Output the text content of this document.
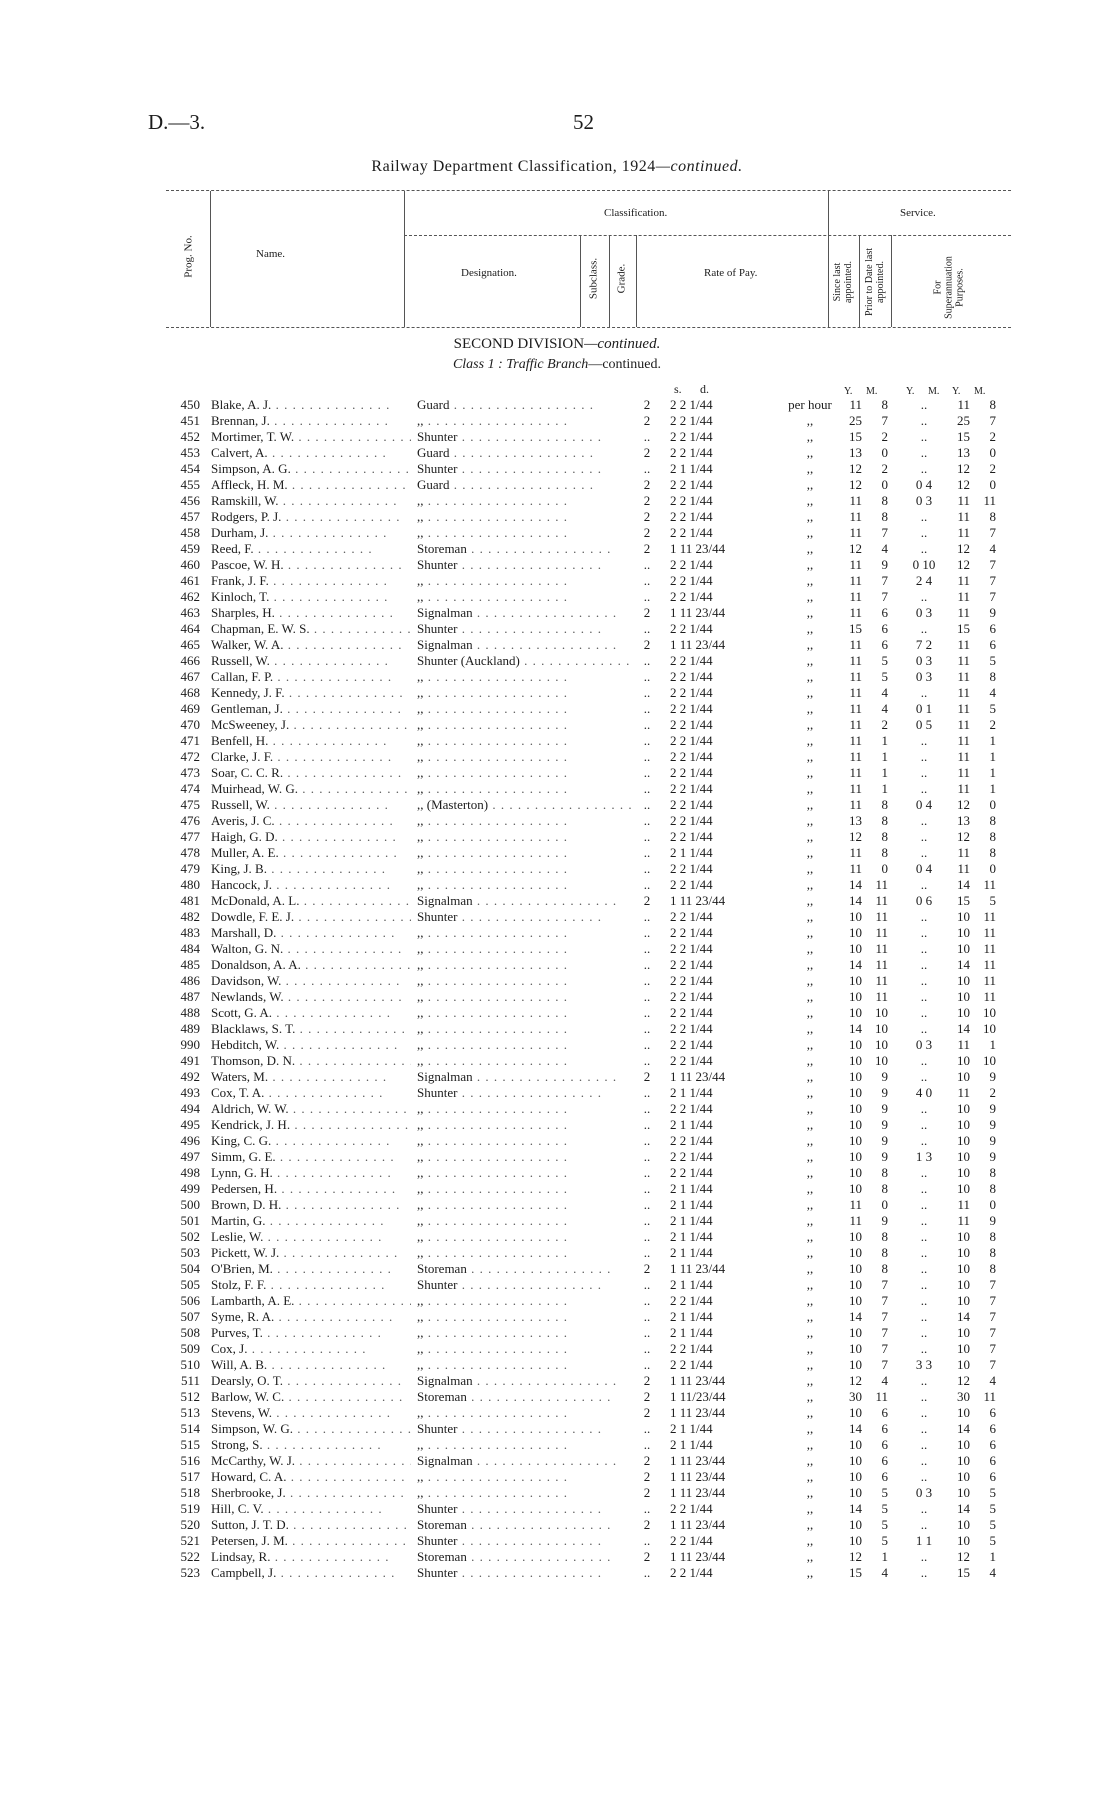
D.—3.	52
Railway Department Classification, 1924—continued.
Prog. No.	Name.
Classification.
Designation.	Subclass. Grade.	Rate of Pay.
Service.
Since last appointed. Prior to Date last appointed.	For Superannuation Purposes.
SECOND DIVISION—continued.
Class 1 : Traffic Branch—continued.
s. d.	Y. M.	Y. M. Y. M.
450 Blake, A. J. . . .	Guard . . .	2	2 2 1/44	per hour	11	8	..	11	8
451 Brennan, J. . . .	,, . . .	2	2 2 1/44	,,	25	7	..	25	7
452 Mortimer, T. W. . . .	Shunter . . .	..	2 2 1/44	,,	15	2	..	15	2
453 Calvert, A. . . .	Guard . . .	2	2 2 1/44	,,	13	0	..	13	0
454 Simpson, A. G. . . .	Shunter . . .	..	2 1 1/44	,,	12	2	..	12	2
455 Affleck, H. M. . . .	Guard . . .	2	2 2 1/44	,,	12	0	0 4	12	0
456 Ramskill, W. . . .	,, . . .	2	2 2 1/44	,,	11	8	0 3	11	11
457 Rodgers, P. J. . . .	,, . . .	2	2 2 1/44	,,	11	8	..	11	8
458 Durham, J. . . .	,, . . .	2	2 2 1/44	,,	11	7	..	11	7
459 Reed, F. . . .	Storeman . . .	2	1 11 23/44	,,	12	4	..	12	4
460 Pascoe, W. H. . . .	Shunter . . .	..	2 2 1/44	,,	11	9	0 10	12	7
461 Frank, J. F. . . .	,, . . .	..	2 2 1/44	,,	11	7	2 4	11	7
462 Kinloch, T. . . .	,, . . .	..	2 2 1/44	,,	11	7	..	11	7
463 Sharples, H. . . .	Signalman . . .	2	1 11 23/44	,,	11	6	0 3	11	9
464 Chapman, E. W. S. . . .	Shunter . . .	..	2 2 1/44	,,	15	6	..	15	6
465 Walker, W. A. . . .	Signalman . . .	2	1 11 23/44	,,	11	6	7 2	11	6
466 Russell, W. . . .	Shunter (Auckland) . . .	..	2 2 1/44	,,	11	5	0 3	11	5
467 Callan, F. P. . . .	,, . . .	..	2 2 1/44	,,	11	5	0 3	11	8
468 Kennedy, J. F. . . .	,, . . .	..	2 2 1/44	,,	11	4	..	11	4
469 Gentleman, J. . . .	,, . . .	..	2 2 1/44	,,	11	4	0 1	11	5
470 McSweeney, J. . . .	,, . . .	..	2 2 1/44	,,	11	2	0 5	11	2
471 Benfell, H. . . .	,, . . .	..	2 2 1/44	,,	11	1	..	11	1
472 Clarke, J. F. . . .	,, . . .	..	2 2 1/44	,,	11	1	..	11	1
473 Soar, C. C. R. . . .	,, . . .	..	2 2 1/44	,,	11	1	..	11	1
474 Muirhead, W. G. . . .	,, . . .	..	2 2 1/44	,,	11	1	..	11	1
475 Russell, W. . . .	,, (Masterton) . . .	..	2 2 1/44	,,	11	8	0 4	12	0
476 Averis, J. C. . . .	,, . . .	..	2 2 1/44	,,	13	8	..	13	8
477 Haigh, G. D. . . .	,, . . .	..	2 2 1/44	,,	12	8	..	12	8
478 Muller, A. E. . . .	,, . . .	..	2 1 1/44	,,	11	8	..	11	8
479 King, J. B. . . .	,, . . .	..	2 2 1/44	,,	11	0	0 4	11	0
480 Hancock, J. . . .	,, . . .	..	2 2 1/44	,,	14	11	..	14	11
481 McDonald, A. L. . . .	Signalman . . .	2	1 11 23/44	,,	14	11	0 6	15	5
482 Dowdle, F. E. J. . . .	Shunter . . .	..	2 2 1/44	,,	10	11	..	10	11
483 Marshall, D. . . .	,, . . .	..	2 2 1/44	,,	10	11	..	10	11
484 Walton, G. N. . . .	,, . . .	..	2 2 1/44	,,	10	11	..	10	11
485 Donaldson, A. A. . . .	,, . . .	..	2 2 1/44	,,	14	11	..	14	11
486 Davidson, W. . . .	,, . . .	..	2 2 1/44	,,	10	11	..	10	11
487 Newlands, W. . . .	,, . . .	..	2 2 1/44	,,	10	11	..	10	11
488 Scott, G. A. . . .	,, . . .	..	2 2 1/44	,,	10	10	..	10	10
489 Blacklaws, S. T. . . .	,, . . .	..	2 2 1/44	,,	14	10	..	14	10
990 Hebditch, W. . . .	,, . . .	..	2 2 1/44	,,	10	10	0 3	11	1
491 Thomson, D. N. . . .	,, . . .	..	2 2 1/44	,,	10	10	..	10	10
492 Waters, M. . . .	Signalman . . .	2	1 11 23/44	,,	10	9	..	10	9
493 Cox, T. A. . . .	Shunter . . .	..	2 1 1/44	,,	10	9	4 0	11	2
494 Aldrich, W. W. . . .	,, . . .	..	2 2 1/44	,,	10	9	..	10	9
495 Kendrick, J. H. . . .	,, . . .	..	2 1 1/44	,,	10	9	..	10	9
496 King, C. G. . . .	,, . . .	..	2 2 1/44	,,	10	9	..	10	9
497 Simm, G. E. . . .	,, . . .	..	2 2 1/44	,,	10	9	1 3	10	9
498 Lynn, G. H. . . .	,, . . .	..	2 2 1/44	,,	10	8	..	10	8
499 Pedersen, H. . . .	,, . . .	..	2 1 1/44	,,	10	8	..	10	8
500 Brown, D. H. . . .	,, . . .	..	2 1 1/44	,,	11	0	..	11	0
501 Martin, G. . . .	,, . . .	..	2 1 1/44	,,	11	9	..	11	9
502 Leslie, W. . . .	,, . . .	..	2 1 1/44	,,	10	8	..	10	8
503 Pickett, W. J. . . .	,, . . .	..	2 1 1/44	,,	10	8	..	10	8
504 O'Brien, M. . . .	Storeman . . .	2	1 11 23/44	,,	10	8	..	10	8
505 Stolz, F. F. . . .	Shunter . . .	..	2 1 1/44	,,	10	7	..	10	7
506 Lambarth, A. E. . . .	,, . . .	..	2 2 1/44	,,	10	7	..	10	7
507 Syme, R. A. . . .	,, . . .	..	2 1 1/44	,,	14	7	..	14	7
508 Purves, T. . . .	,, . . .	..	2 1 1/44	,,	10	7	..	10	7
509 Cox, J. . . .	,, . . .	..	2 2 1/44	,,	10	7	..	10	7
510 Will, A. B. . . .	,, . . .	..	2 2 1/44	,,	10	7	3 3	10	7
511 Dearsly, O. T. . . .	Signalman . . .	2	1 11 23/44	,,	12	4	..	12	4
512 Barlow, W. C. . . .	Storeman . . .	2	1 11/23/44	,,	30	11	..	30	11
513 Stevens, W. . . .	,, . . .	2	1 11 23/44	,,	10	6	..	10	6
514 Simpson, W. G. . . .	Shunter . . .	..	2 1 1/44	,,	14	6	..	14	6
515 Strong, S. . . .	,, . . .	..	2 1 1/44	,,	10	6	..	10	6
516 McCarthy, W. J. . . .	Signalman . . .	2	1 11 23/44	,,	10	6	..	10	6
517 Howard, C. A. . . .	,, . . .	2	1 11 23/44	,,	10	6	..	10	6
518 Sherbrooke, J. . . .	,, . . .	2	1 11 23/44	,,	10	5	0 3	10	5
519 Hill, C. V. . . .	Shunter . . .	..	2 2 1/44	,,	14	5	..	14	5
520 Sutton, J. T. D. . . .	Storeman . . .	2	1 11 23/44	,,	10	5	..	10	5
521 Petersen, J. M. . . .	Shunter . . .	..	2 2 1/44	,,	10	5	1 1	10	5
522 Lindsay, R. . . .	Storeman . . .	2	1 11 23/44	,,	12	1	..	12	1
523 Campbell, J. . . .	Shunter . . .	..	2 2 1/44	,,	15	4	..	15	4
